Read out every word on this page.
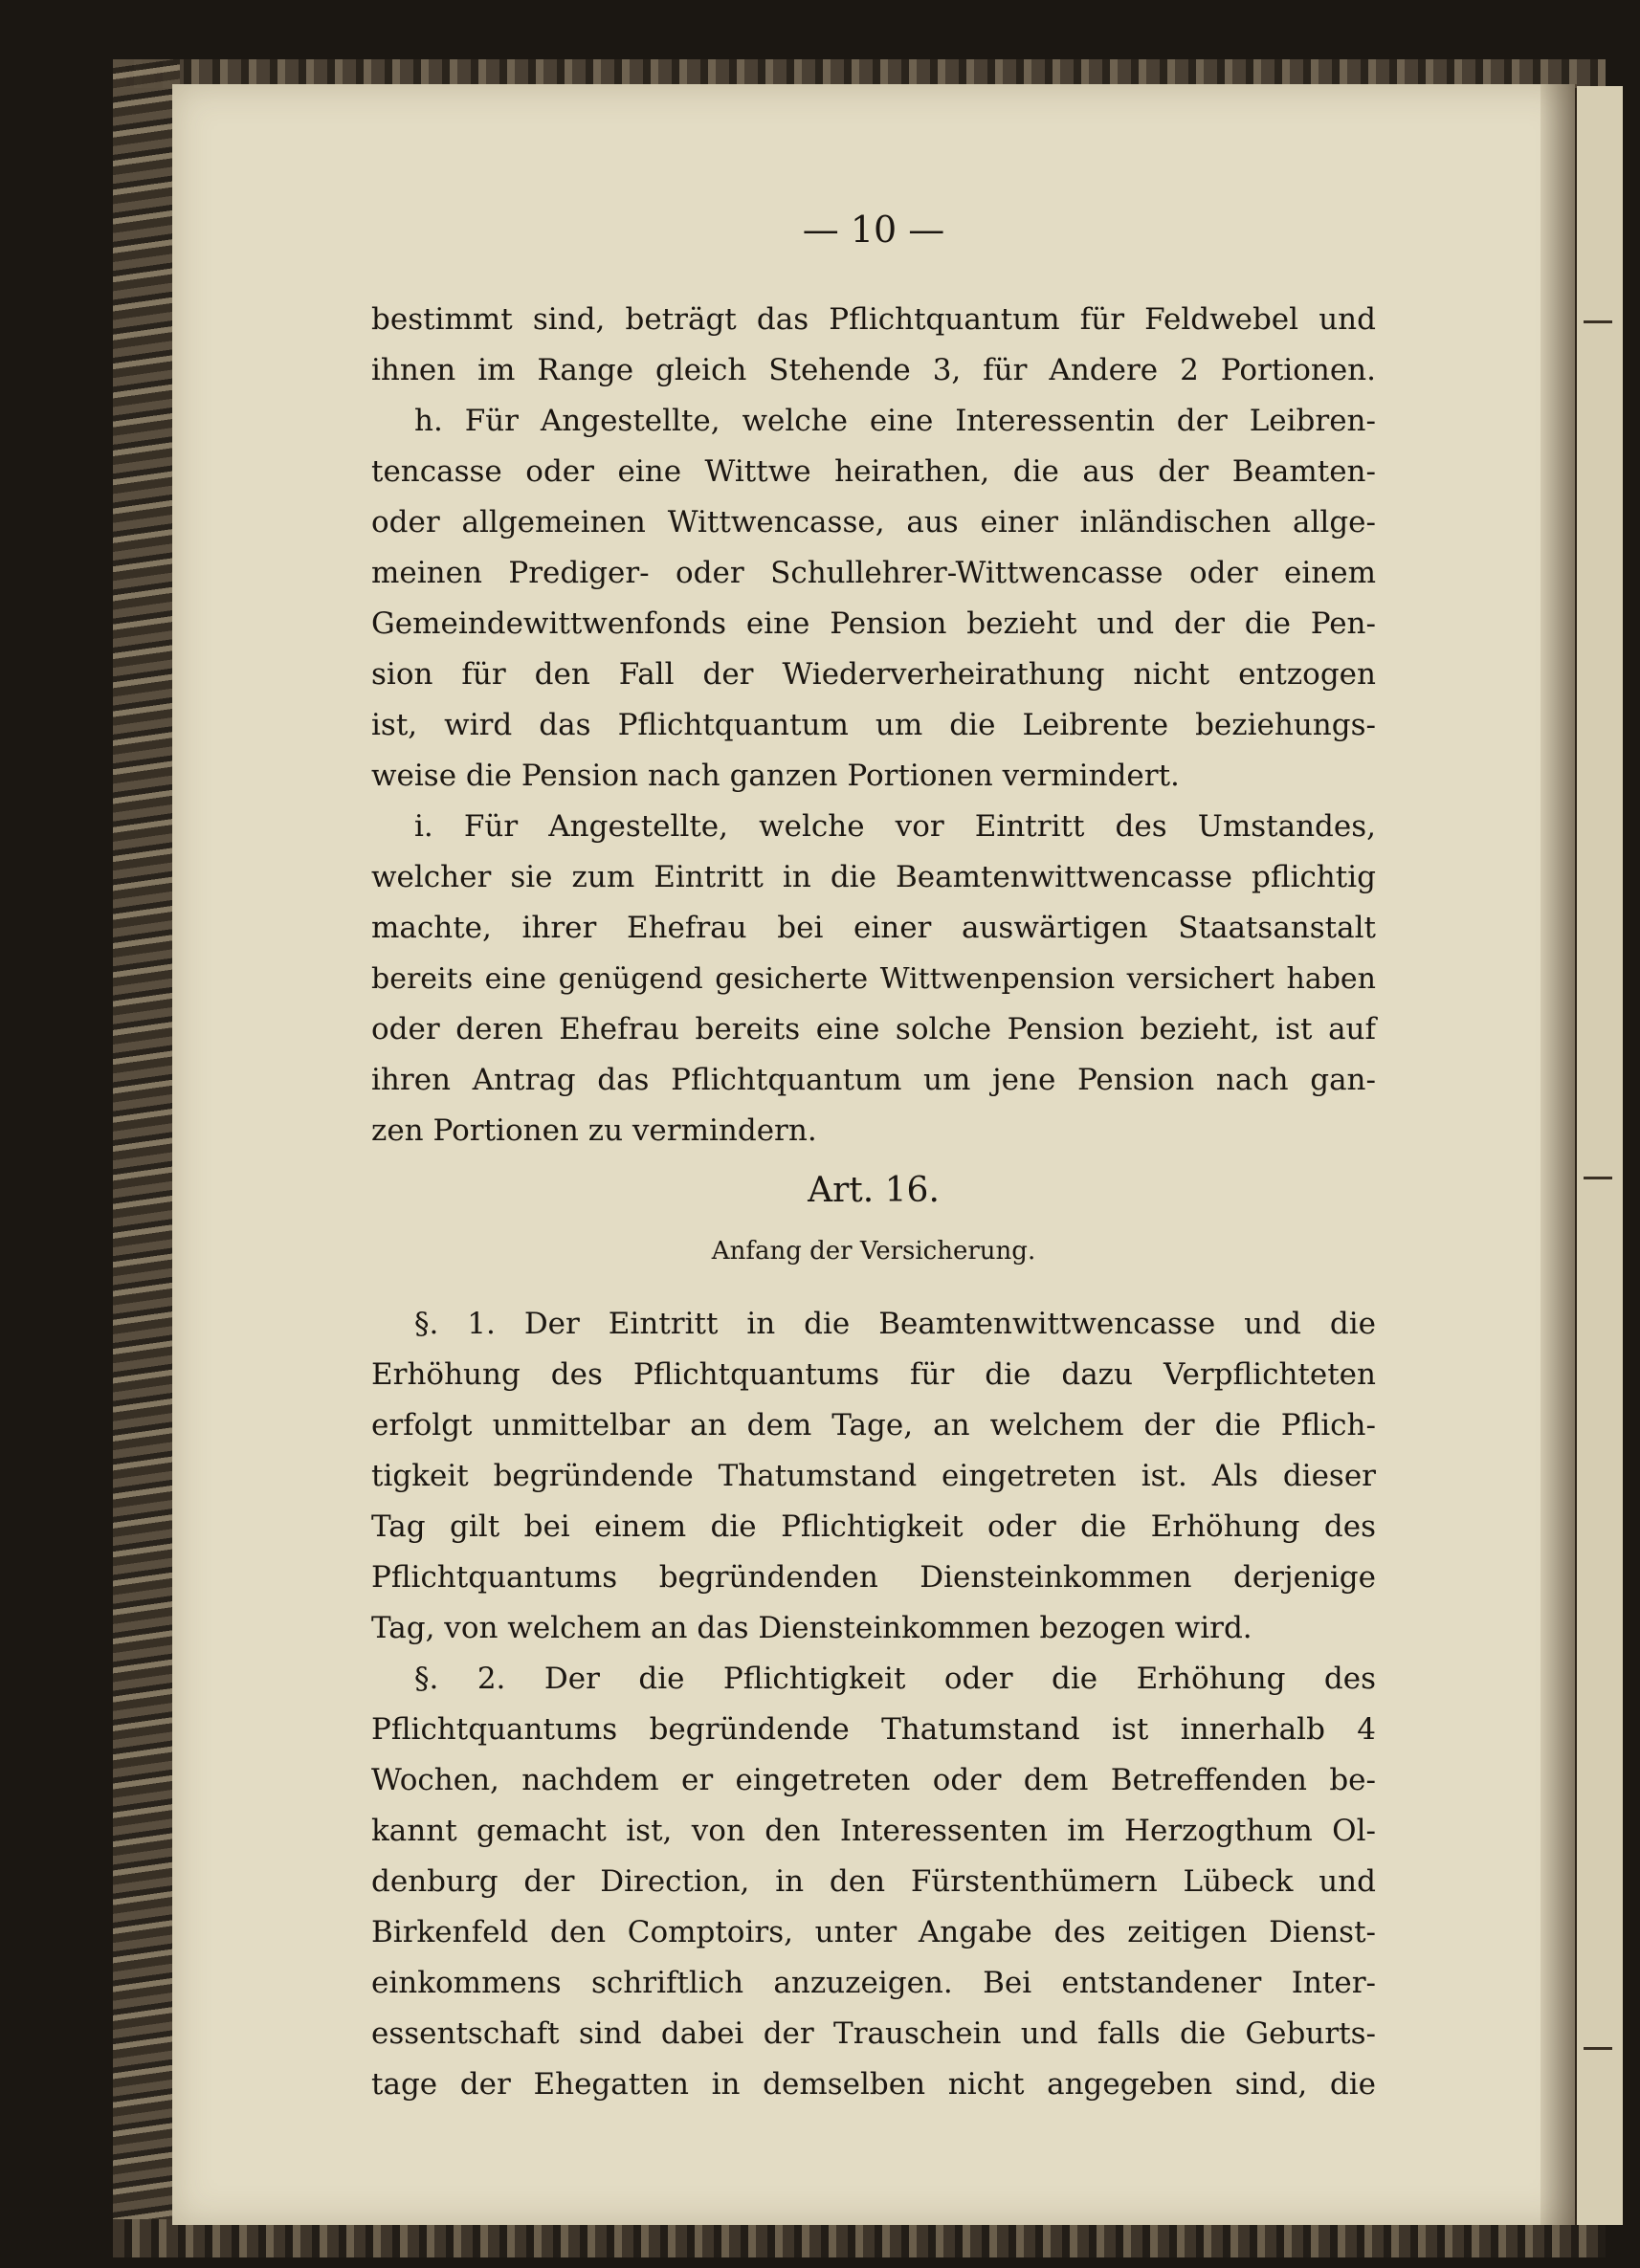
— 10 —
bestimmt sind, beträgt das Pflichtquantum für Feldwebel und
ihnen im Range gleich Stehende 3, für Andere 2 Portionen.
h. Für Angestellte, welche eine Interessentin der Leibren-
tencasse oder eine Wittwe heirathen, die aus der Beamten-
oder allgemeinen Wittwencasse, aus einer inländischen allge-
meinen Prediger- oder Schullehrer-Wittwencasse oder einem
Gemeindewittwenfonds eine Pension bezieht und der die Pen-
sion für den Fall der Wiederverheirathung nicht entzogen
ist, wird das Pflichtquantum um die Leibrente beziehungs-
weise die Pension nach ganzen Portionen vermindert.
i. Für Angestellte, welche vor Eintritt des Umstandes,
welcher sie zum Eintritt in die Beamtenwittwencasse pflichtig
machte, ihrer Ehefrau bei einer auswärtigen Staatsanstalt
bereits eine genügend gesicherte Wittwenpension versichert haben
oder deren Ehefrau bereits eine solche Pension bezieht, ist auf
ihren Antrag das Pflichtquantum um jene Pension nach gan-
zen Portionen zu vermindern.
Art. 16.
Anfang der Versicherung.
§. 1. Der Eintritt in die Beamtenwittwencasse und die
Erhöhung des Pflichtquantums für die dazu Verpflichteten
erfolgt unmittelbar an dem Tage, an welchem der die Pflich-
tigkeit begründende Thatumstand eingetreten ist. Als dieser
Tag gilt bei einem die Pflichtigkeit oder die Erhöhung des
Pflichtquantums begründenden Diensteinkommen derjenige
Tag, von welchem an das Diensteinkommen bezogen wird.
§. 2. Der die Pflichtigkeit oder die Erhöhung des
Pflichtquantums begründende Thatumstand ist innerhalb 4
Wochen, nachdem er eingetreten oder dem Betreffenden be-
kannt gemacht ist, von den Interessenten im Herzogthum Ol-
denburg der Direction, in den Fürstenthümern Lübeck und
Birkenfeld den Comptoirs, unter Angabe des zeitigen Dienst-
einkommens schriftlich anzuzeigen. Bei entstandener Inter-
essentschaft sind dabei der Trauschein und falls die Geburts-
tage der Ehegatten in demselben nicht angegeben sind, die
